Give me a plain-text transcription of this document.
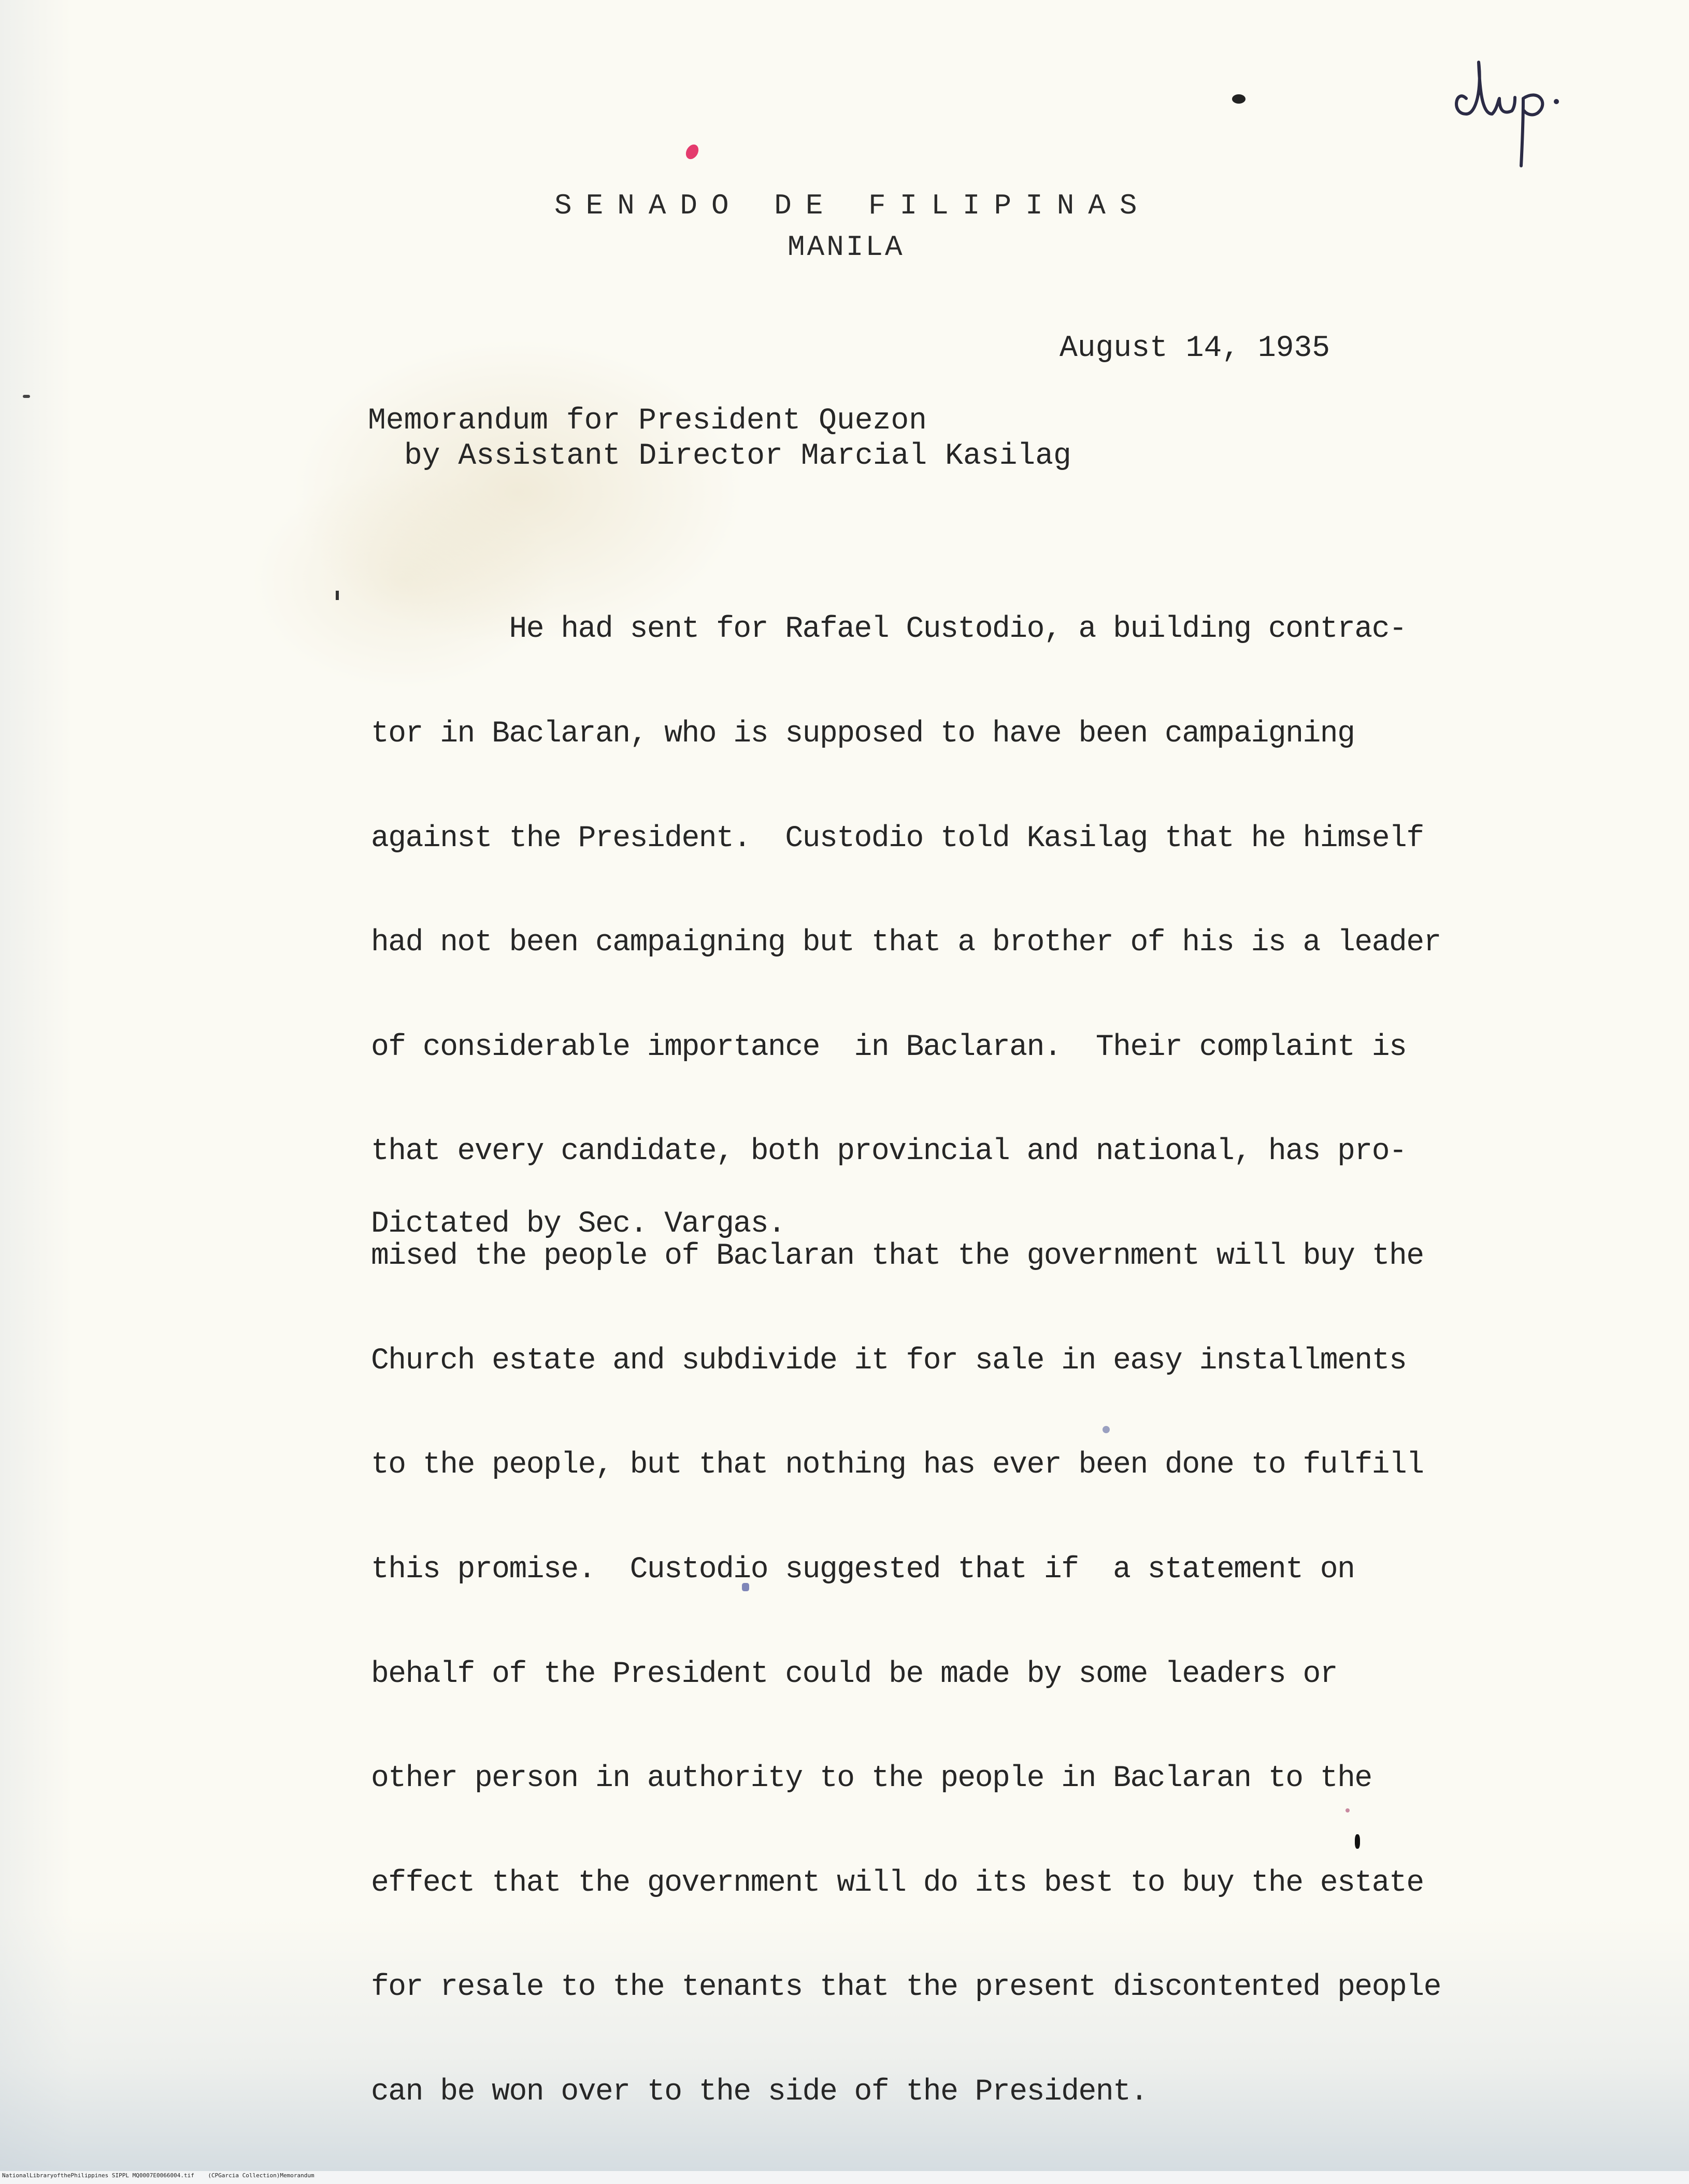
SENADO DE FILIPINAS
MANILA
August 14, 1935
Memorandum for President Quezon
by Assistant Director Marcial Kasilag

He had sent for Rafael Custodio, a building contrac-

tor in Baclaran, who is supposed to have been campaigning

against the President.  Custodio told Kasilag that he himself

had not been campaigning but that a brother of his is a leader

of considerable importance  in Baclaran.  Their complaint is

that every candidate, both provincial and national, has pro-

mised the people of Baclaran that the government will buy the

Church estate and subdivide it for sale in easy installments

to the people, but that nothing has ever been done to fulfill

this promise.  Custodio suggested that if  a statement on

behalf of the President could be made by some leaders or

other person in authority to the people in Baclaran to the

effect that the government will do its best to buy the estate

for resale to the tenants that the present discontented people

can be won over to the side of the President.

Dictated by Sec. Vargas.
NationalLibraryofthePhilippines SIPPL MQ0007E0066004.tif    (CPGarcia Collection)Memorandum
